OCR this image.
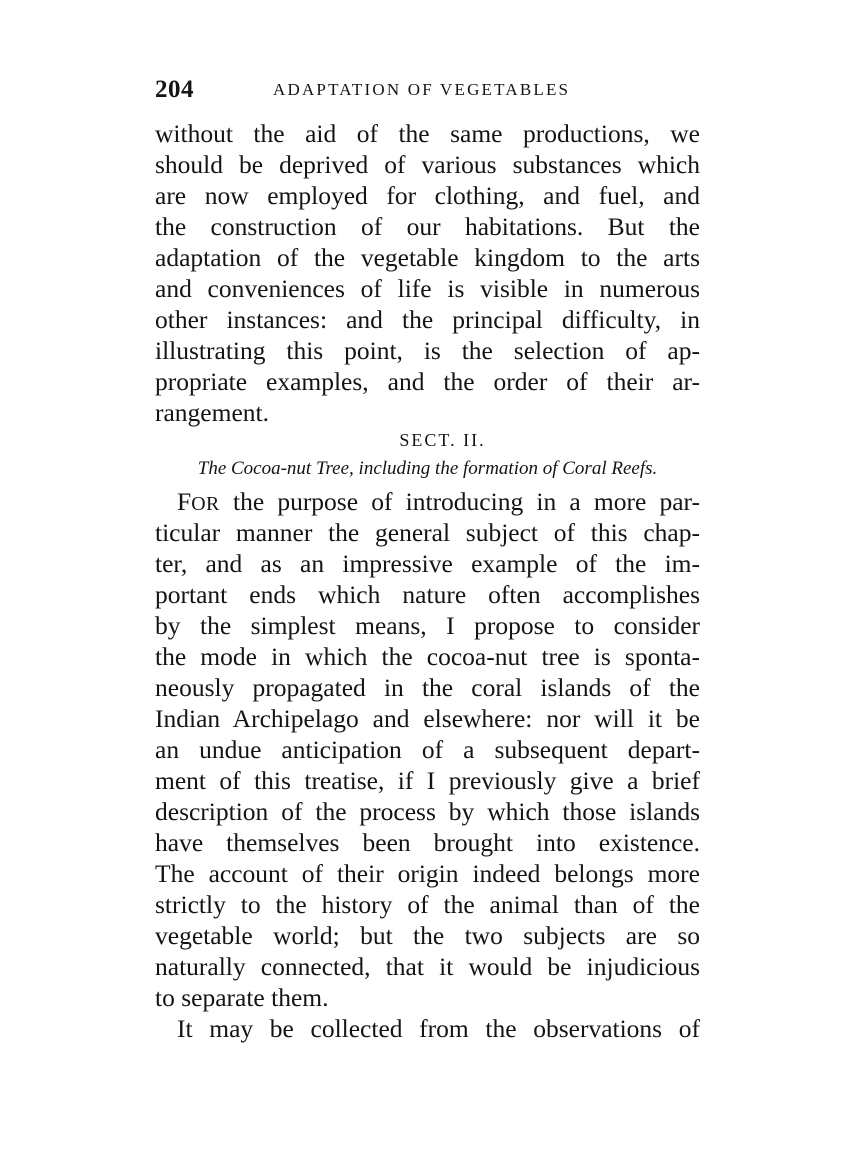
204	ADAPTATION OF VEGETABLES
without the aid of the same productions, we
should be deprived of various substances which
are now employed for clothing, and fuel, and
the construction of our habitations. But the
adaptation of the vegetable kingdom to the arts
and conveniences of life is visible in numerous
other instances: and the principal difficulty, in
illustrating this point, is the selection of ap-
propriate examples, and the order of their ar-
rangement.
SECT. II.
The Cocoa-nut Tree, including the formation of Coral Reefs.
FOR the purpose of introducing in a more par-
ticular manner the general subject of this chap-
ter, and as an impressive example of the im-
portant ends which nature often accomplishes
by the simplest means, I propose to consider
the mode in which the cocoa-nut tree is sponta-
neously propagated in the coral islands of the
Indian Archipelago and elsewhere: nor will it be
an undue anticipation of a subsequent depart-
ment of this treatise, if I previously give a brief
description of the process by which those islands
have themselves been brought into existence.
The account of their origin indeed belongs more
strictly to the history of the animal than of the
vegetable world; but the two subjects are so
naturally connected, that it would be injudicious
to separate them.
It may be collected from the observations of
